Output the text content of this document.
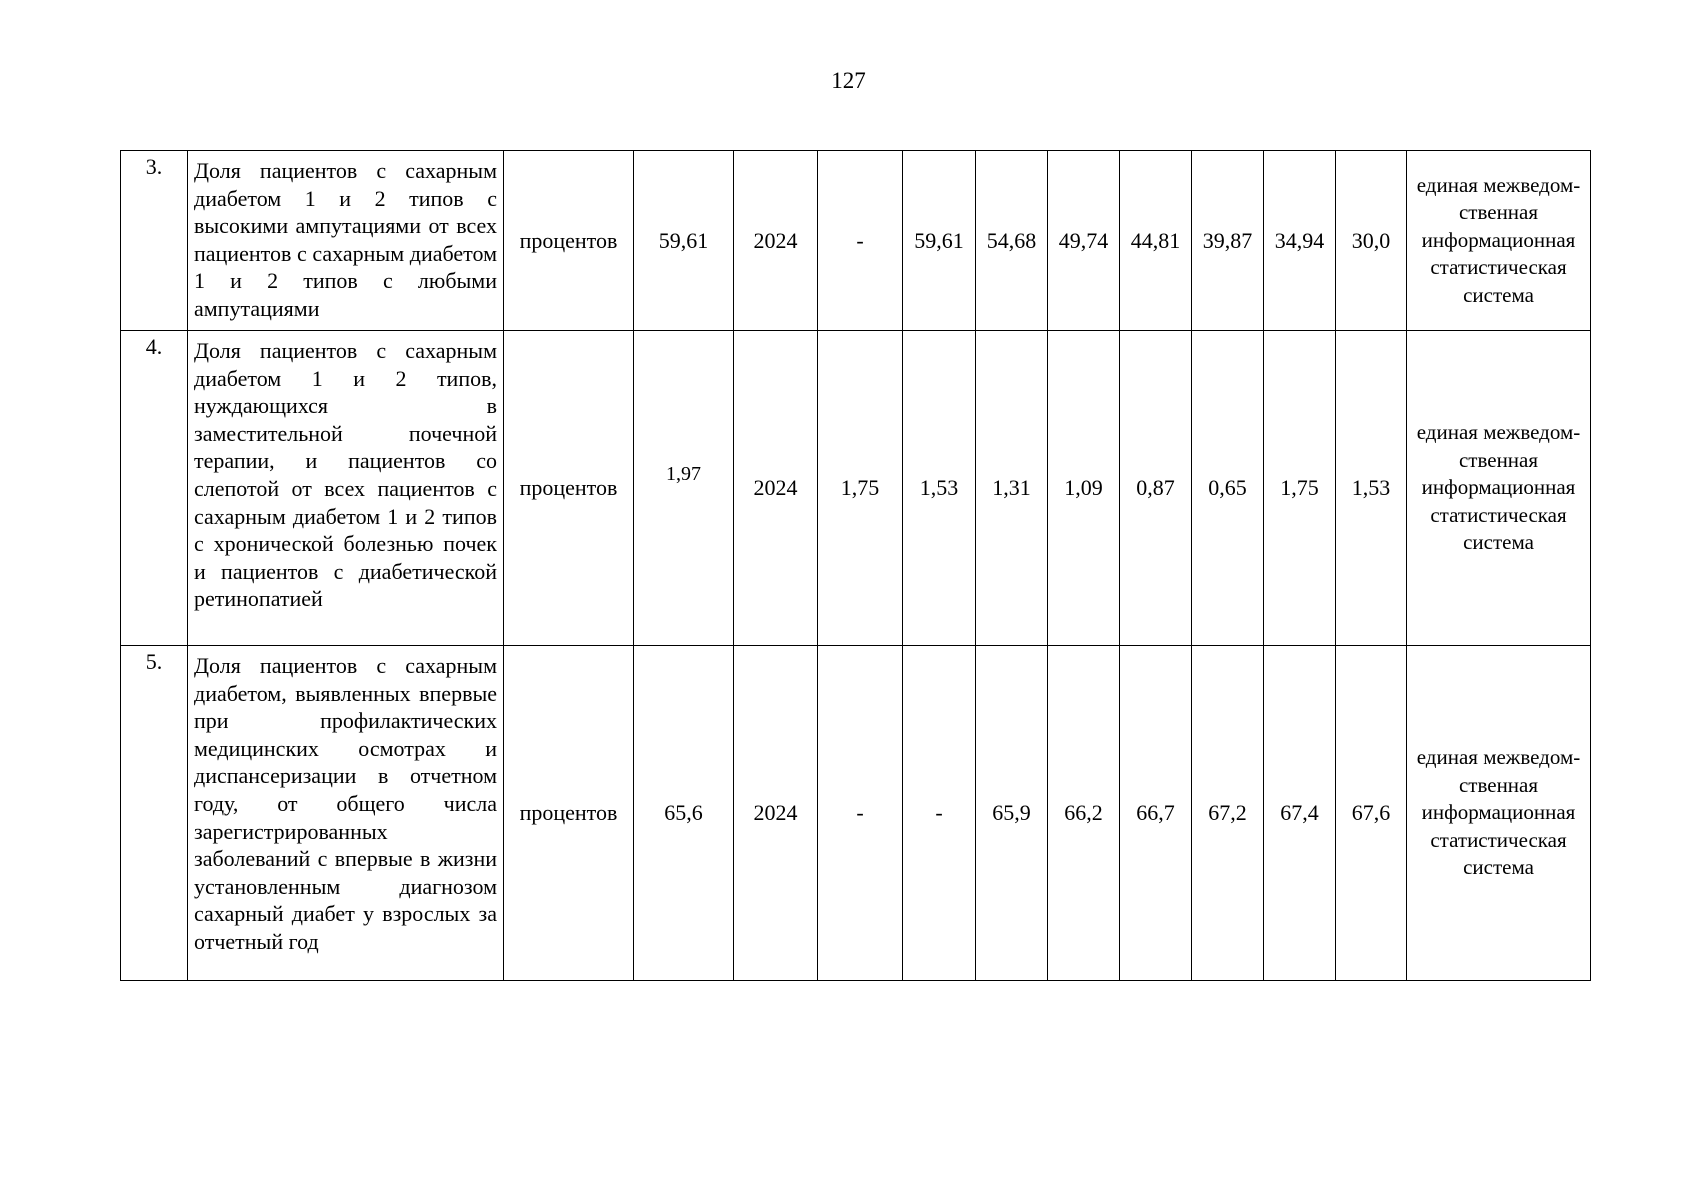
127
3.	Доля пациентов с сахарным диабетом 1 и 2 типов с высокими ампутациями от всех пациентов с сахарным диабетом 1 и 2 типов с любыми ампутациями	процентов	59,61	2024	-	59,61	54,68	49,74	44,81	39,87	34,94	30,0	единая межведом-ственная информационная статистическая система
4.	Доля пациентов с сахарным диабетом 1 и 2 типов, нуждающихся в заместительной почечной терапии, и пациентов со слепотой от всех пациентов с сахарным диабетом 1 и 2 типов с хронической болезнью почек и пациентов с диабетической ретинопатией	процентов	1,97	2024	1,75	1,53	1,31	1,09	0,87	0,65	1,75	1,53	единая межведом-ственная информационная статистическая система
5.	Доля пациентов с сахарным диабетом, выявленных впервые при профилактических медицинских осмотрах и диспансеризации в отчетном году, от общего числа зарегистрированных заболеваний с впервые в жизни установленным диагнозом сахарный диабет у взрослых за отчетный год	процентов	65,6	2024	-	-	65,9	66,2	66,7	67,2	67,4	67,6	единая межведом-ственная информационная статистическая система
